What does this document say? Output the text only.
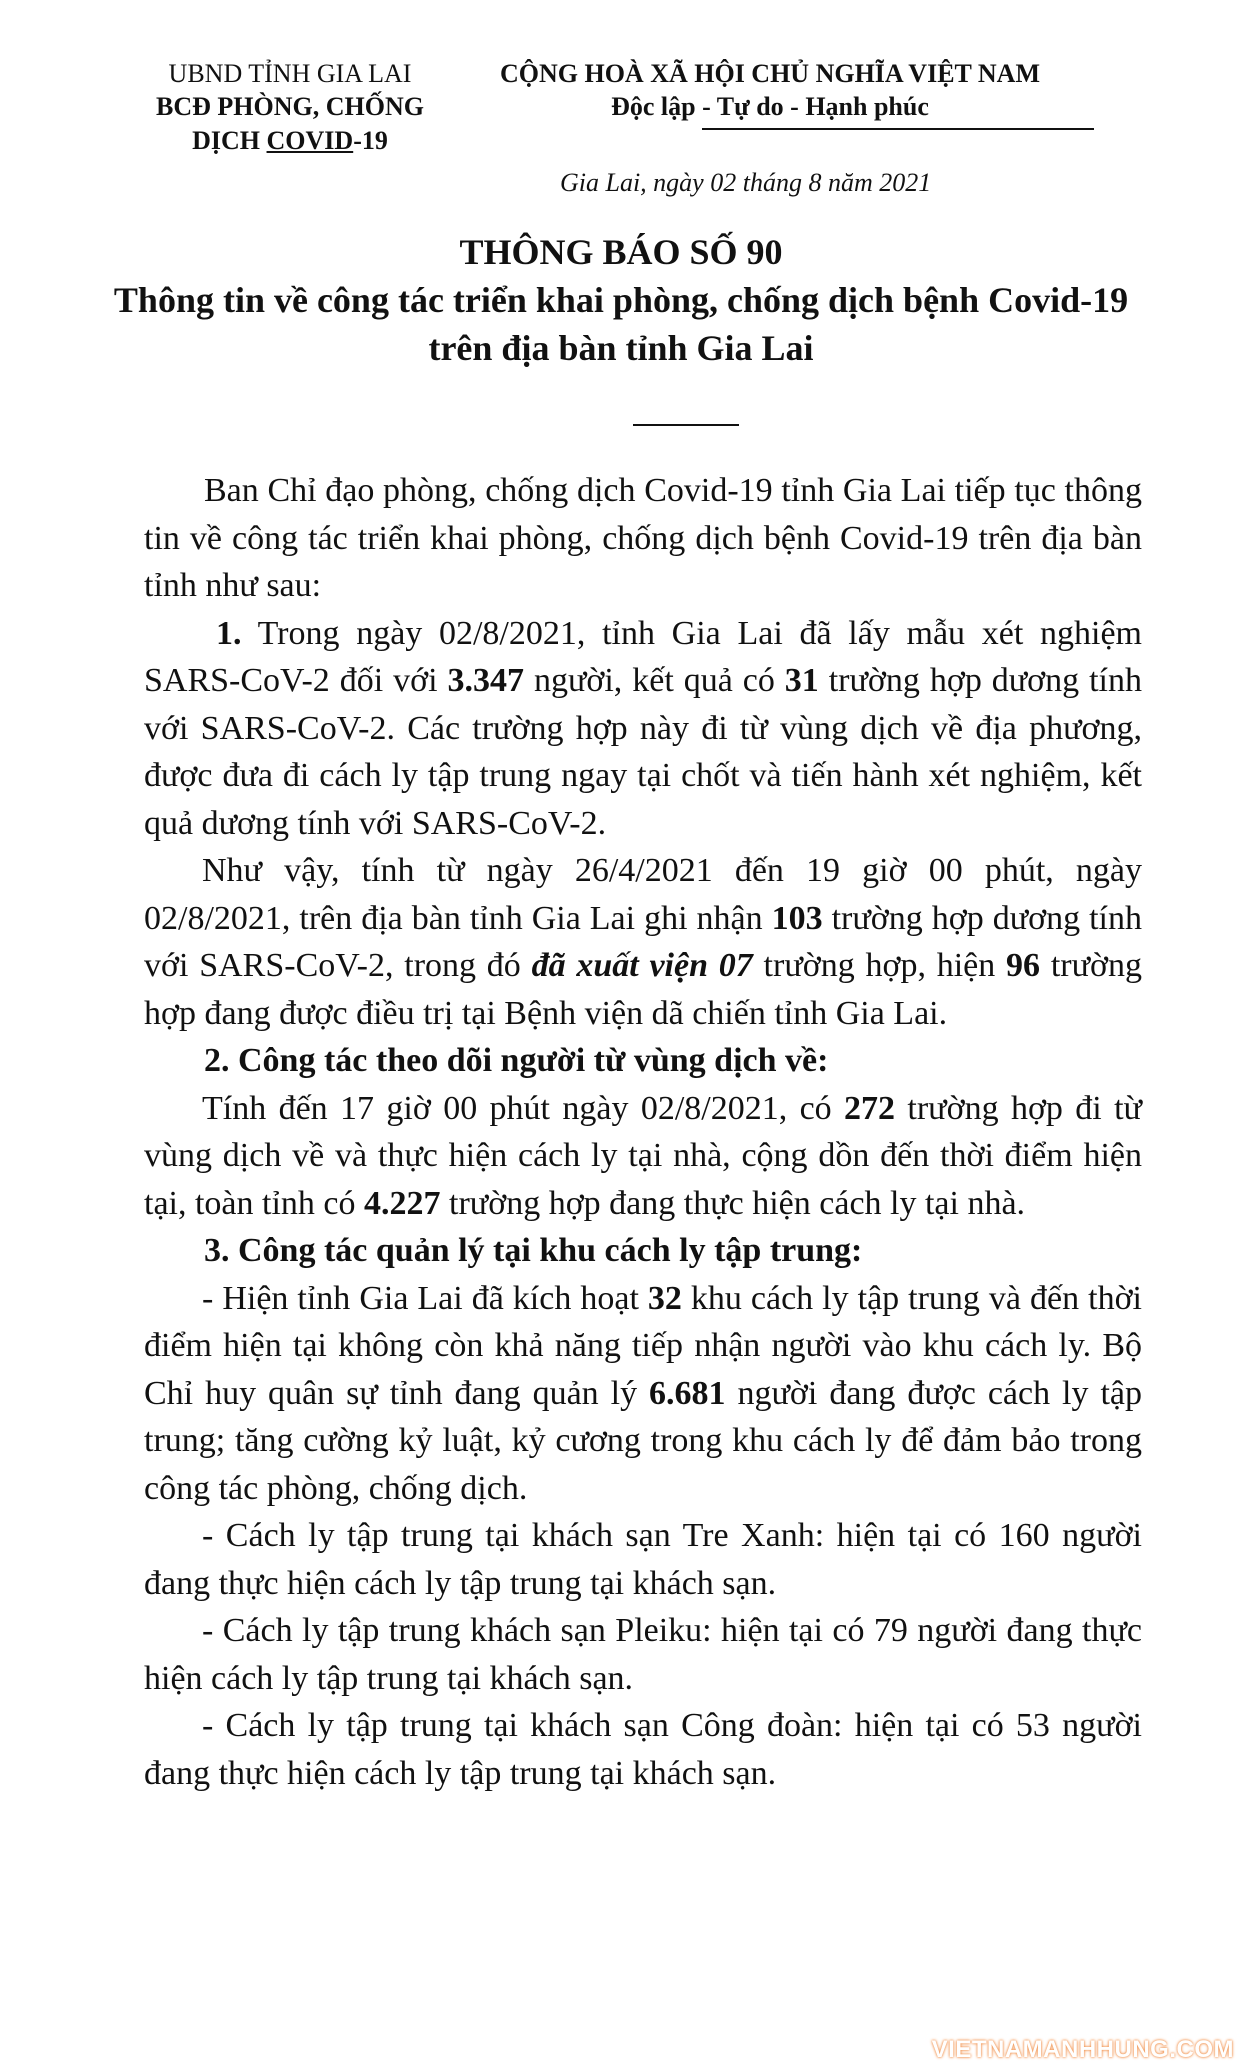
UBND TỈNH GIA LAI
BCĐ PHÒNG, CHỐNG
DỊCH COVID-19
CỘNG HOÀ XÃ HỘI CHỦ NGHĨA VIỆT NAM
Độc lập - Tự do - Hạnh phúc
Gia Lai, ngày 02 tháng 8 năm 2021
THÔNG BÁO SỐ 90
Thông tin về công tác triển khai phòng, chống dịch bệnh Covid-19
trên địa bàn tỉnh Gia Lai

Ban Chỉ đạo phòng, chống dịch Covid-19 tỉnh Gia Lai tiếp tục thông tin về công tác triển khai phòng, chống dịch bệnh Covid-19 trên địa bàn tỉnh như sau:

1. Trong ngày 02/8/2021, tỉnh Gia Lai đã lấy mẫu xét nghiệm SARS-CoV-2 đối với 3.347 người, kết quả có 31 trường hợp dương tính với SARS-CoV-2. Các trường hợp này đi từ vùng dịch về địa phương, được đưa đi cách ly tập trung ngay tại chốt và tiến hành xét nghiệm, kết quả dương tính với SARS-CoV-2.

Như vậy, tính từ ngày 26/4/2021 đến 19 giờ 00 phút, ngày 02/8/2021, trên địa bàn tỉnh Gia Lai ghi nhận 103 trường hợp dương tính với SARS-CoV-2, trong đó đã xuất viện 07 trường hợp, hiện 96 trường hợp đang được điều trị tại Bệnh viện dã chiến tỉnh Gia Lai.

2. Công tác theo dõi người từ vùng dịch về:

Tính đến 17 giờ 00 phút ngày 02/8/2021, có 272 trường hợp đi từ vùng dịch về và thực hiện cách ly tại nhà, cộng dồn đến thời điểm hiện tại, toàn tỉnh có 4.227 trường hợp đang thực hiện cách ly tại nhà.

3. Công tác quản lý tại khu cách ly tập trung:

- Hiện tỉnh Gia Lai đã kích hoạt 32 khu cách ly tập trung và đến thời điểm hiện tại không còn khả năng tiếp nhận người vào khu cách ly. Bộ Chỉ huy quân sự tỉnh đang quản lý 6.681 người đang được cách ly tập trung; tăng cường kỷ luật, kỷ cương trong khu cách ly để đảm bảo trong công tác phòng, chống dịch.

- Cách ly tập trung tại khách sạn Tre Xanh: hiện tại có 160 người đang thực hiện cách ly tập trung tại khách sạn.

- Cách ly tập trung khách sạn Pleiku: hiện tại có 79 người đang thực hiện cách ly tập trung tại khách sạn.

- Cách ly tập trung tại khách sạn Công đoàn: hiện tại có 53 người đang thực hiện cách ly tập trung tại khách sạn.

VIETNAMANHHUNG.COM
